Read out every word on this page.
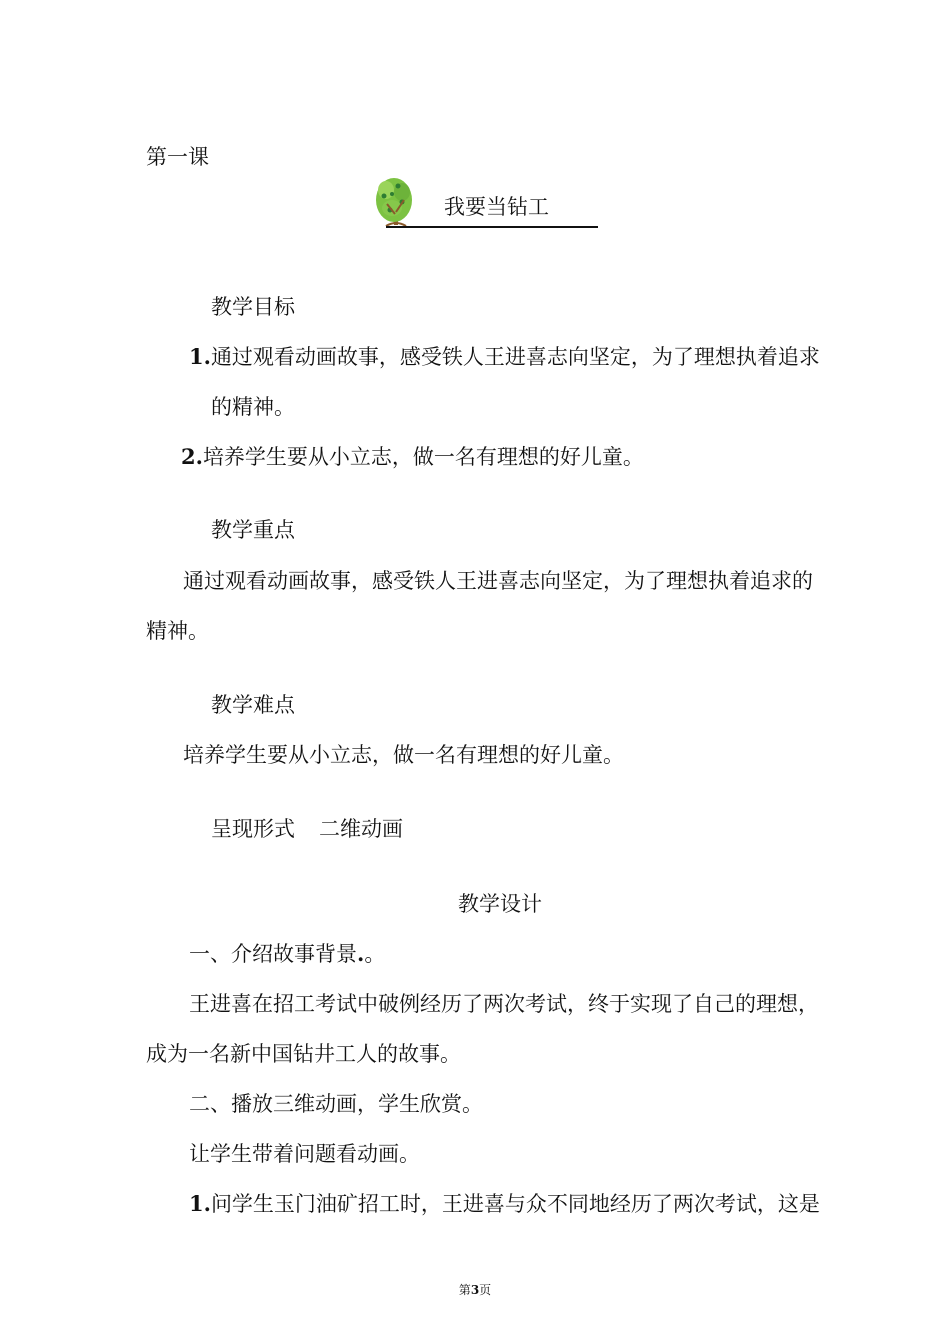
第一课

我要当钻工

教学目标

1.通过观看动画故事，感受铁人王进喜志向坚定，为了理想执着追求

的精神。

2.培养学生要从小立志，做一名有理想的好儿童。

教学重点

通过观看动画故事，感受铁人王进喜志向坚定，为了理想执着追求的

精神。

教学难点

培养学生要从小立志，做一名有理想的好儿童。

呈现形式 二维动画

教学设计

一、介绍故事背景.。

王进喜在招工考试中破例经历了两次考试，终于实现了自己的理想，

成为一名新中国钻井工人的故事。

二、播放三维动画，学生欣赏。

让学生带着问题看动画。

1.问学生玉门油矿招工时，王进喜与众不同地经历了两次考试，这是

第3页
